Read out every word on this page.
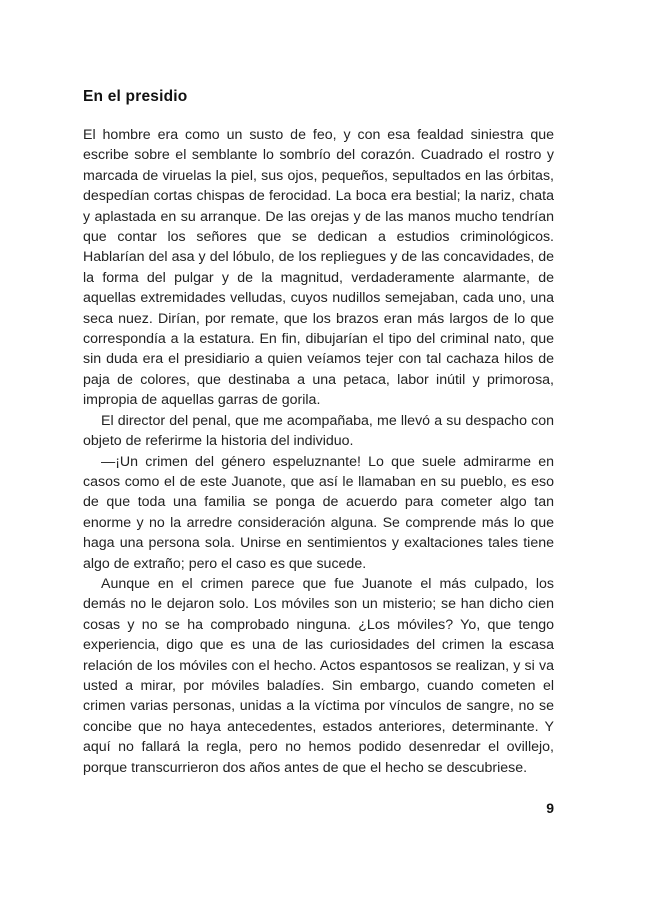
En el presidio

El hombre era como un susto de feo, y con esa fealdad siniestra que escribe sobre el semblante lo sombrío del corazón. Cuadrado el rostro y marcada de viruelas la piel, sus ojos, pequeños, sepultados en las órbitas, despedían cortas chispas de ferocidad. La boca era bestial; la nariz, chata y aplastada en su arranque. De las orejas y de las manos mucho tendrían que contar los señores que se dedican a estudios criminológicos. Hablarían del asa y del lóbulo, de los repliegues y de las concavidades, de la forma del pulgar y de la magnitud, verdaderamente alarmante, de aquellas extremidades velludas, cuyos nudillos semejaban, cada uno, una seca nuez. Dirían, por remate, que los brazos eran más largos de lo que correspondía a la estatura. En fin, dibujarían el tipo del criminal nato, que sin duda era el presidiario a quien veíamos tejer con tal cachaza hilos de paja de colores, que destinaba a una petaca, labor inútil y primorosa, impropia de aquellas garras de gorila.

El director del penal, que me acompañaba, me llevó a su despacho con objeto de referirme la historia del individuo.

—¡Un crimen del género espeluznante! Lo que suele admirarme en casos como el de este Juanote, que así le llamaban en su pueblo, es eso de que toda una familia se ponga de acuerdo para cometer algo tan enorme y no la arredre consideración alguna. Se comprende más lo que haga una persona sola. Unirse en sentimientos y exaltaciones tales tiene algo de extraño; pero el caso es que sucede.

Aunque en el crimen parece que fue Juanote el más culpado, los demás no le dejaron solo. Los móviles son un misterio; se han dicho cien cosas y no se ha comprobado ninguna. ¿Los móviles? Yo, que tengo experiencia, digo que es una de las curiosidades del crimen la escasa relación de los móviles con el hecho. Actos espantosos se realizan, y si va usted a mirar, por móviles baladíes. Sin embargo, cuando cometen el crimen varias personas, unidas a la víctima por vínculos de sangre, no se concibe que no haya antecedentes, estados anteriores, determinante. Y aquí no fallará la regla, pero no hemos podido desenredar el ovillejo, porque transcurrieron dos años antes de que el hecho se descubriese.

9
